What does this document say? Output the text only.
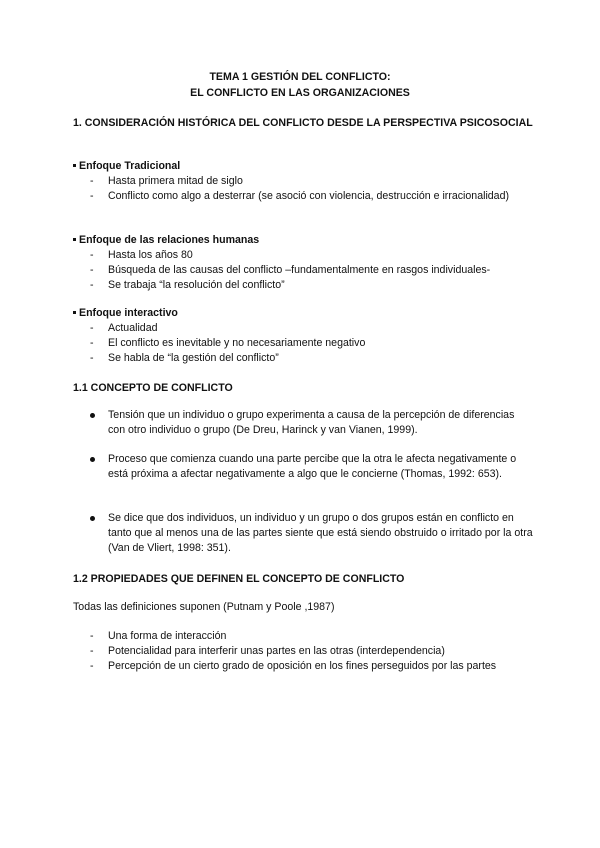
TEMA 1 GESTIÓN DEL CONFLICTO:
EL CONFLICTO EN LAS ORGANIZACIONES
1. CONSIDERACIÓN HISTÓRICA DEL CONFLICTO DESDE LA PERSPECTIVA PSICOSOCIAL
Enfoque Tradicional
- Hasta primera mitad de siglo
- Conflicto como algo a desterrar (se asoció con violencia, destrucción e irracionalidad)
Enfoque de las relaciones humanas
- Hasta los años 80
- Búsqueda de las causas del conflicto –fundamentalmente en rasgos individuales-
- Se trabaja “la resolución del conflicto”
Enfoque interactivo
- Actualidad
- El conflicto es inevitable y no necesariamente negativo
- Se habla de “la gestión del conflicto”
1.1 CONCEPTO DE CONFLICTO
Tensión que un individuo o grupo experimenta a causa de la percepción de diferencias con otro individuo o grupo (De Dreu, Harinck y van Vianen, 1999).
Proceso que comienza cuando una parte percibe que la otra le afecta negativamente o está próxima a afectar negativamente a algo que le concierne (Thomas, 1992: 653).
Se dice que dos individuos, un individuo y un grupo o dos grupos están en conflicto en tanto que al menos una de las partes siente que está siendo obstruido o irritado por la otra (Van de Vliert, 1998: 351).
1.2 PROPIEDADES QUE DEFINEN EL CONCEPTO DE CONFLICTO
Todas las definiciones suponen (Putnam y Poole ,1987)
- Una forma de interacción
- Potencialidad para interferir unas partes en las otras (interdependencia)
- Percepción de un cierto grado de oposición en los fines perseguidos por las partes
